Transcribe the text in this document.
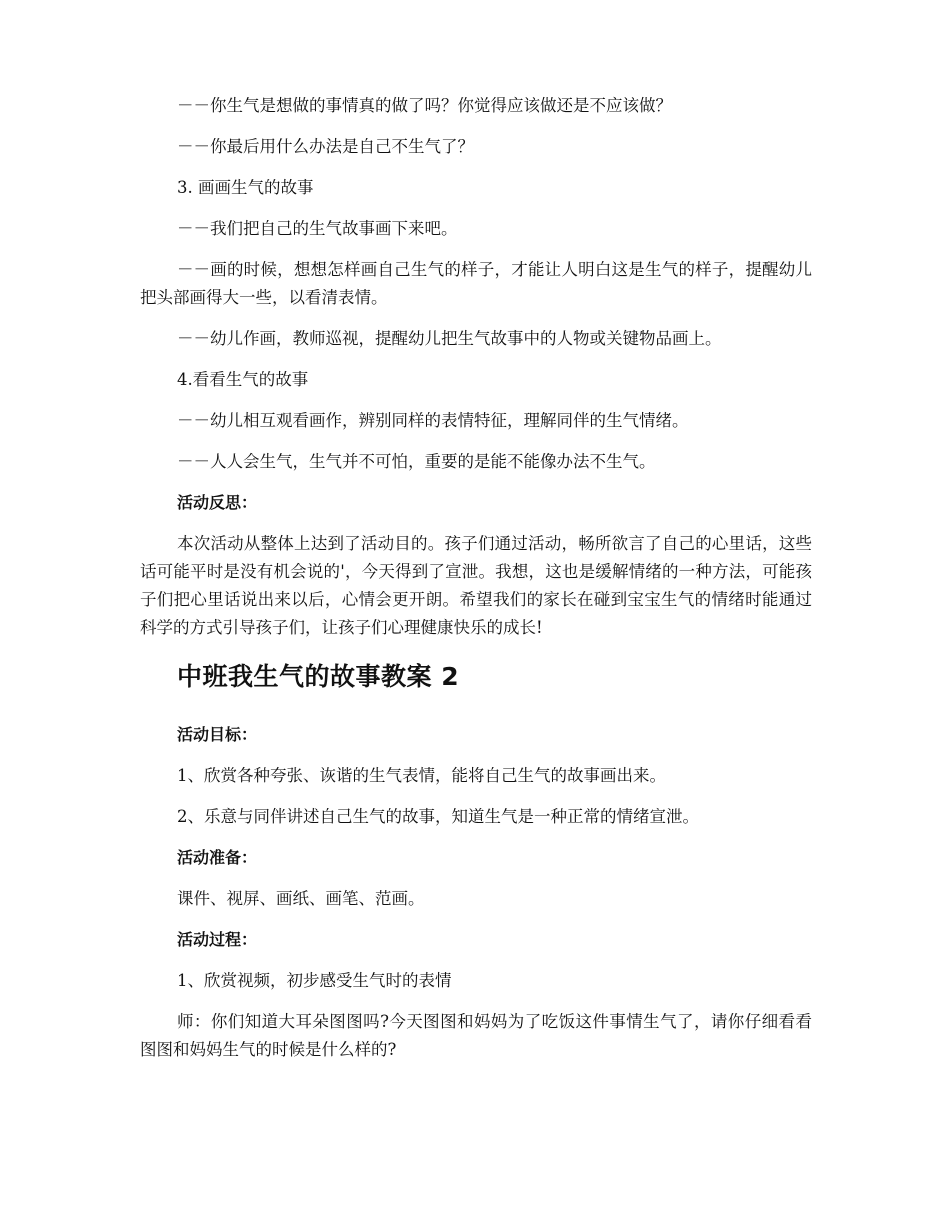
－－你生气是想做的事情真的做了吗？你觉得应该做还是不应该做？

－－你最后用什么办法是自己不生气了？

3. 画画生气的故事

－－我们把自己的生气故事画下来吧。

－－画的时候，想想怎样画自己生气的样子，才能让人明白这是生气的样子，提醒幼儿把头部画得大一些，以看清表情。

－－幼儿作画，教师巡视，提醒幼儿把生气故事中的人物或关键物品画上。

4.看看生气的故事

－－幼儿相互观看画作，辨别同样的表情特征，理解同伴的生气情绪。

－－人人会生气，生气并不可怕，重要的是能不能像办法不生气。

活动反思：

本次活动从整体上达到了活动目的。孩子们通过活动，畅所欲言了自己的心里话，这些话可能平时是没有机会说的'，今天得到了宣泄。我想，这也是缓解情绪的一种方法，可能孩子们把心里话说出来以后，心情会更开朗。希望我们的家长在碰到宝宝生气的情绪时能通过科学的方式引导孩子们，让孩子们心理健康快乐的成长!

中班我生气的故事教案 2
活动目标：

1、欣赏各种夸张、诙谐的生气表情，能将自己生气的故事画出来。

2、乐意与同伴讲述自己生气的故事，知道生气是一种正常的情绪宣泄。

活动准备：

课件、视屏、画纸、画笔、范画。

活动过程：

1、欣赏视频，初步感受生气时的表情

师：你们知道大耳朵图图吗?今天图图和妈妈为了吃饭这件事情生气了，请你仔细看看图图和妈妈生气的时候是什么样的?
